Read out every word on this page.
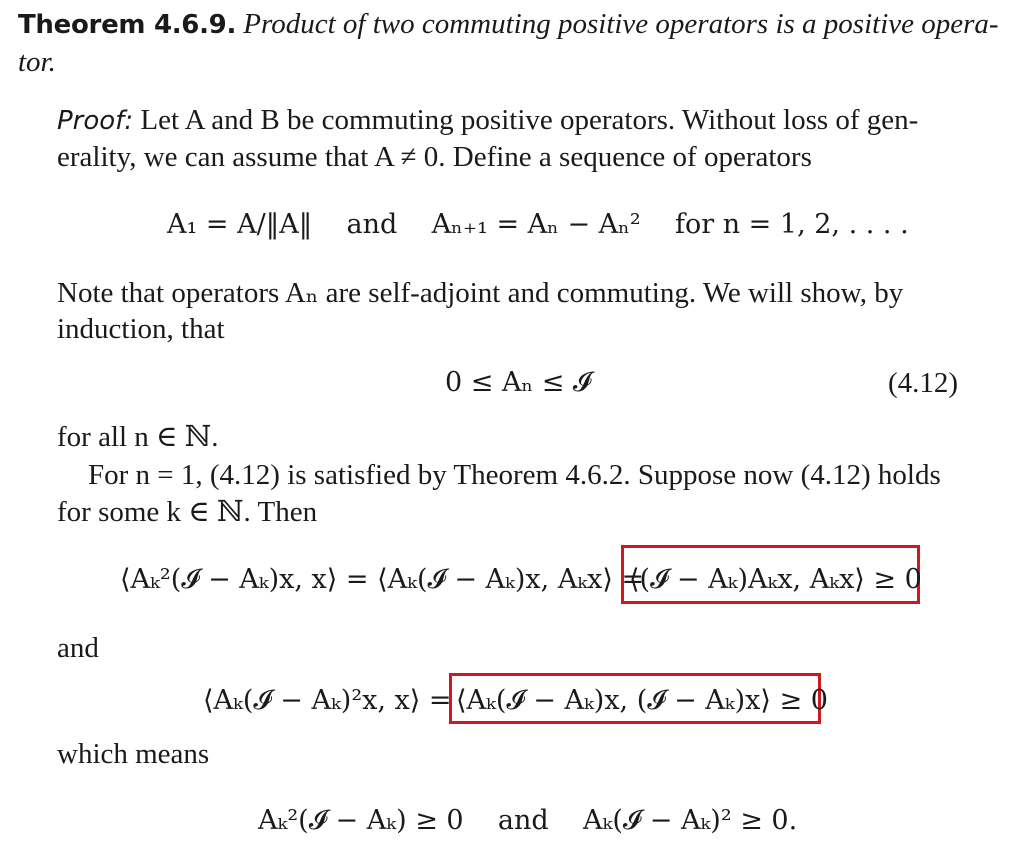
Theorem 4.6.9. Product of two commuting positive operators is a positive opera-
tor.
Proof: Let A and B be commuting positive operators. Without loss of gen-
erality, we can assume that A ≠ 0. Define a sequence of operators
A₁ = A/‖A‖    and    Aₙ₊₁ = Aₙ − Aₙ²    for n = 1, 2, . . . .
Note that operators Aₙ are self-adjoint and commuting. We will show, by
induction, that
0 ≤ Aₙ ≤ 𝓘	(4.12)
for all n ∈ ℕ.
For n = 1, (4.12) is satisfied by Theorem 4.6.2. Suppose now (4.12) holds
for some k ∈ ℕ. Then
⟨Aₖ²(𝓘 − Aₖ)x, x⟩ = ⟨Aₖ(𝓘 − Aₖ)x, Aₖx⟩ =
⟨(𝓘 − Aₖ)Aₖx, Aₖx⟩ ≥ 0
and
⟨Aₖ(𝓘 − Aₖ)²x, x⟩ = ⟨Aₖ(𝓘 − Aₖ)x, (𝓘 − Aₖ)x⟩ ≥ 0
which means
Aₖ²(𝓘 − Aₖ) ≥ 0    and    Aₖ(𝓘 − Aₖ)² ≥ 0.
